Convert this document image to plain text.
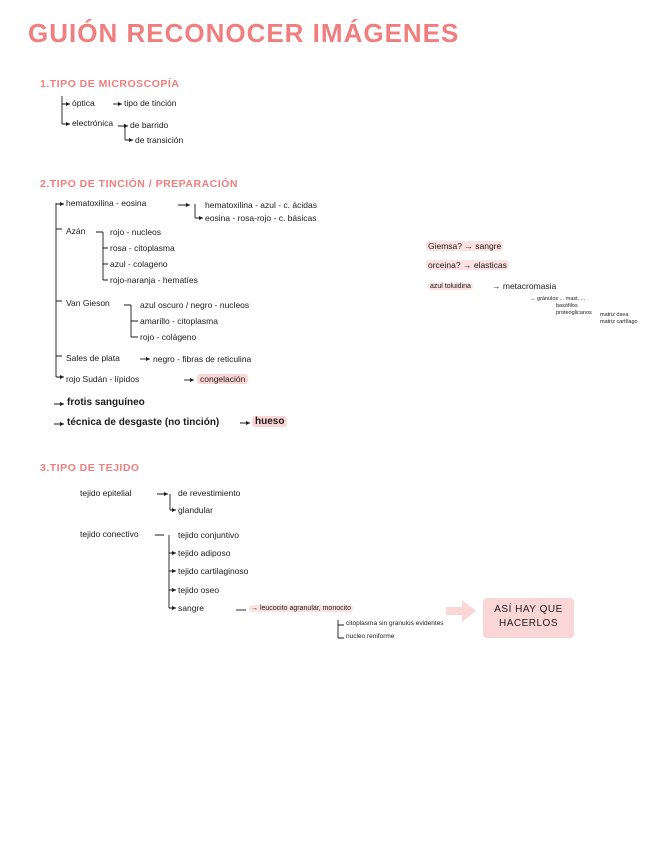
GUIÓN RECONOCER IMÁGENES
1.TIPO DE MICROSCOPÍA
óptica	tipo de tinción
electrónica de barrido
de transición
2.TIPO DE TINCIÓN / PREPARACIÓN
hematoxilina - eosina	hematoxilina - azul - c. ácidas
eosina - rosa-rojo - c. básicas
Azán	rojo - nucleos
rosa - citoplasma
azul - colageno
rojo-naranja - hematíes
Van Gieson	azul oscuro / negro - nucleos
amarillo - citoplasma
rojo - colágeno
Sales de plata	negro - fibras de reticulina
rojo Sudán - lípidos	congelación
frotis sanguíneo
técnica de desgaste (no tinción)	hueso
Giemsa? → sangre
orceina? → elasticas
azul toluidina → metacromasia
→ gránulos ... mast. ...
basófilos
proteoglicanos matriz ósea
matriz cartílago
3.TIPO DE TEJIDO
tejido epitelial	de revestimiento
glandular
tejido conectivo	tejido conjuntivo
tejido adiposo
tejido cartilaginoso
tejido oseo
sangre	→ leucocito agranular, monocito
citoplasma sin granulos evidentes
nucleo reniforme
ASÍ HAY QUE
HACERLOS
